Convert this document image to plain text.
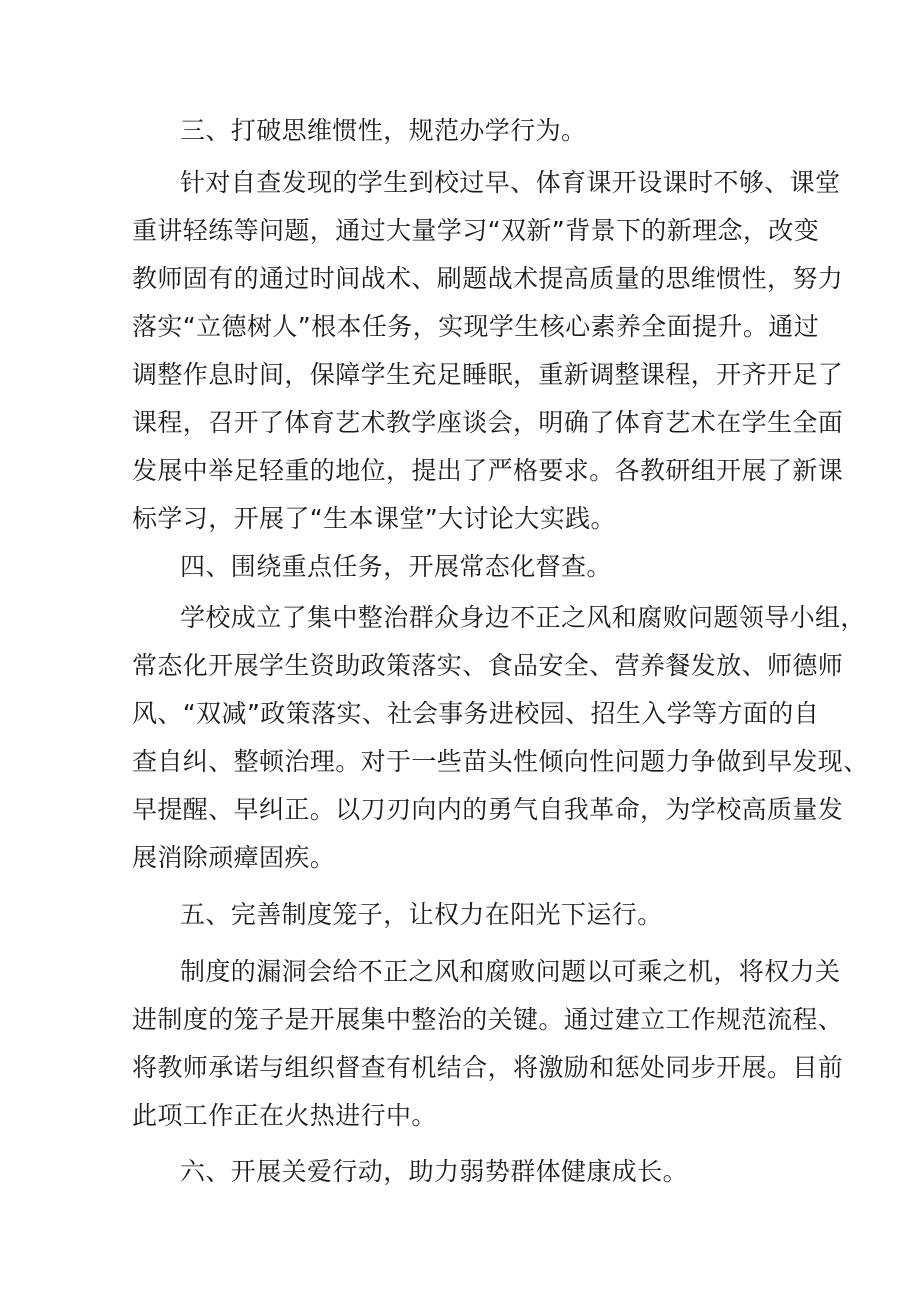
三、打破思维惯性，规范办学行为。
针对自查发现的学生到校过早、体育课开设课时不够、课堂
重讲轻练等问题，通过大量学习“双新”背景下的新理念，改变
教师固有的通过时间战术、刷题战术提高质量的思维惯性，努力
落实“立德树人”根本任务，实现学生核心素养全面提升。通过
调整作息时间，保障学生充足睡眠，重新调整课程，开齐开足了
课程，召开了体育艺术教学座谈会，明确了体育艺术在学生全面
发展中举足轻重的地位，提出了严格要求。各教研组开展了新课
标学习，开展了“生本课堂”大讨论大实践。
四、围绕重点任务，开展常态化督查。
学校成立了集中整治群众身边不正之风和腐败问题领导小组，
常态化开展学生资助政策落实、食品安全、营养餐发放、师德师
风、“双减”政策落实、社会事务进校园、招生入学等方面的自
查自纠、整顿治理。对于一些苗头性倾向性问题力争做到早发现、
早提醒、早纠正。以刀刃向内的勇气自我革命，为学校高质量发
展消除顽瘴固疾。
五、完善制度笼子，让权力在阳光下运行。
制度的漏洞会给不正之风和腐败问题以可乘之机，将权力关
进制度的笼子是开展集中整治的关键。通过建立工作规范流程、
将教师承诺与组织督查有机结合，将激励和惩处同步开展。目前
此项工作正在火热进行中。
六、开展关爱行动，助力弱势群体健康成长。
